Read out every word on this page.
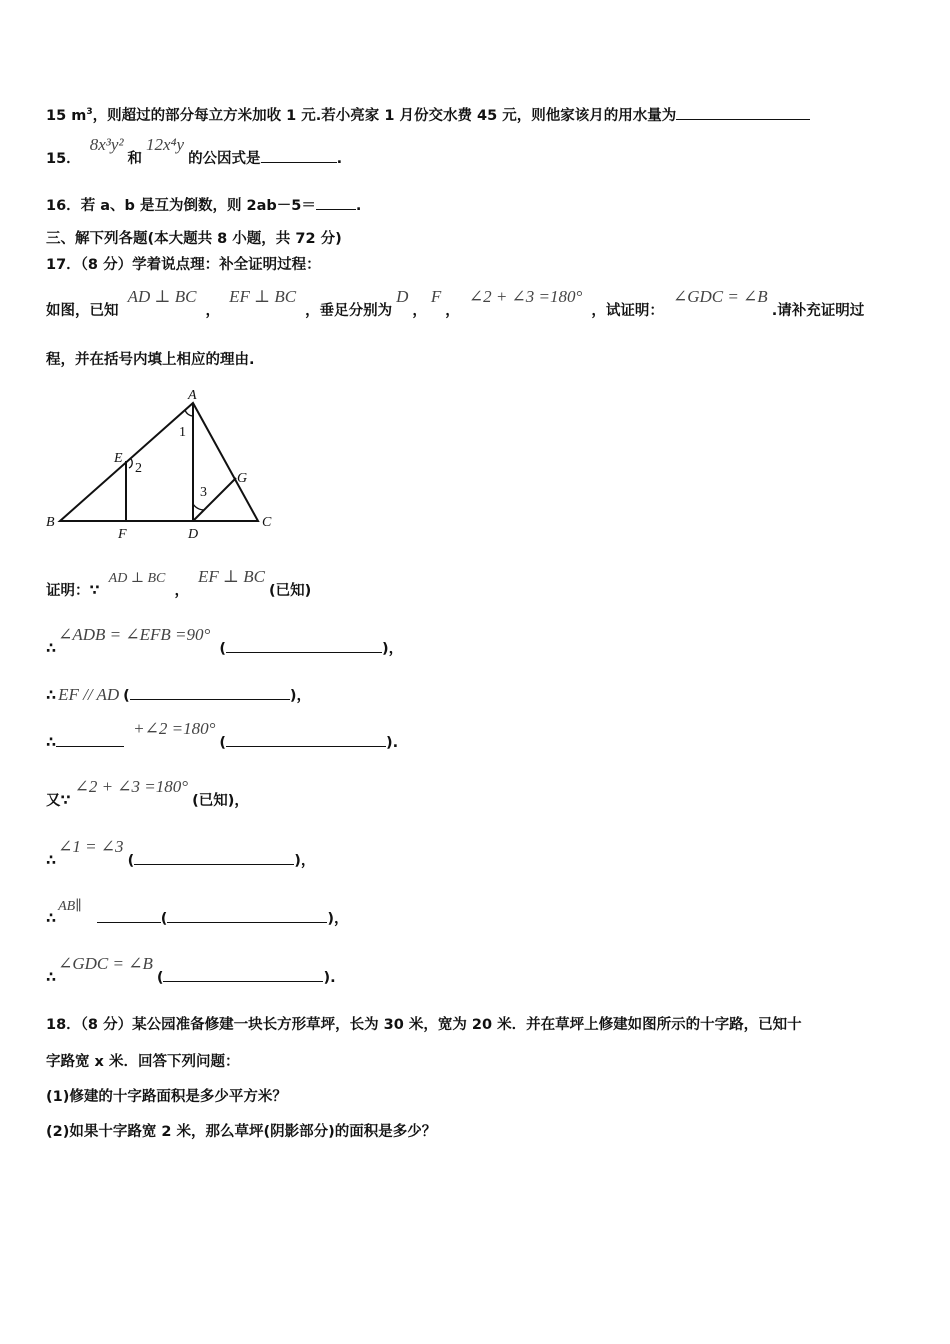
15 $m^3$，则超过的部分每立方米加收 1 元.若小亮家 1 月份交水费 45 元，则他家该月的用水量为
15． 8x³y²和12x⁴y的公因式是	.
16．若 a、b 是互为倒数，则 2ab－5＝	.
三、解下列各题(本大题共 8 小题，共 72 分)
17．（8 分）学着说点理：补全证明过程：
如图，已知 AD ⊥ BC ， EF ⊥ BC ，垂足分别为D，F， ∠2 + ∠3 =180° ，试证明： ∠GDC = ∠B.请补充证明过
程，并在括号内填上相应的理由.
A
B	C
D
E
F
G
1
2
3
证明：∵ AD ⊥ BC ， EF ⊥ BC(已知)
∴∠ADB = ∠EFB =90° (	)，
∴ EF // AD (	)，
∴ +∠2 =180°(	).
又∵∠2 + ∠3 =180°(已知)，
∴∠1 = ∠3(	)，
∴AB∥ (	)，
∴∠GDC = ∠B(	).
18．（8 分）某公园准备修建一块长方形草坪，长为 30 米，宽为 20 米．并在草坪上修建如图所示的十字路，已知十
字路宽 x 米．回答下列问题：
(1)修建的十字路面积是多少平方米？
(2)如果十字路宽 2 米，那么草坪(阴影部分)的面积是多少？
